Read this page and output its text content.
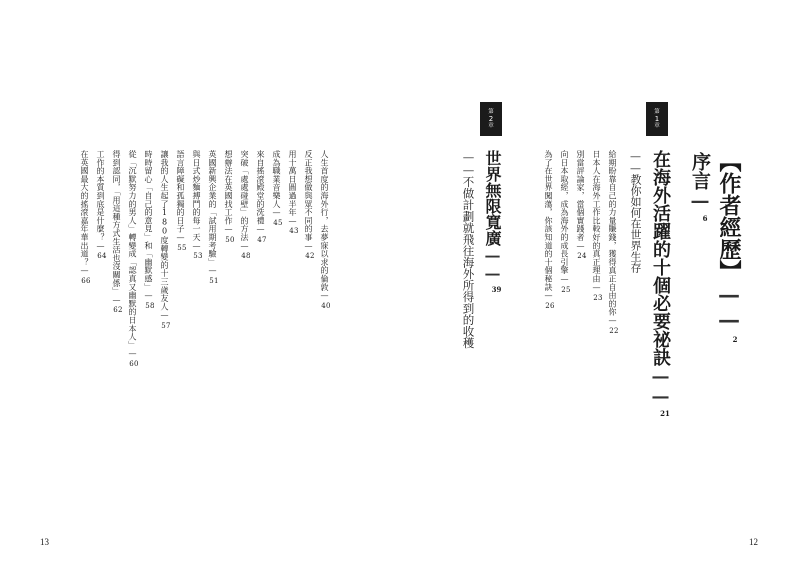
【作者經歷】——2
序言—6
第
1
章
在海外活躍的十個必要祕訣——21
——教你如何在世界生存
給期盼靠自己的力量賺錢，獲得真正自由的你—22
日本人在海外工作比較好的真正理由—23
別當評論家，當個實踐者—24
向日本取經，成為海外的成長引擎—25
為了在世界闖蕩，你該知道的十個秘訣—26
第
2
章
世界無限寬廣——39
——不做計劃就飛往海外所得到的收穫
12
人生首度的海外行，去夢寐以求的倫敦—40
反正我想做與眾不同的事—42
用十萬日圓過半年—43
成為職業音樂人—45
來自搖滾殿堂的洗禮—47
突破「處處碰壁」的方法—48
想辦法在英國找工作—50
英國新興企業的「試用期考驗」—51
與日式炒麵搏鬥的每一天—53
語言障礙和孤獨的日子—55
讓我的人生起了180度轉變的十三歲友人—57
時時留心「自己的意見」和「幽默感」—58
從「沉默努力的男人」轉變成「認真又幽默的日本人」—60
得到認同，「用這種方式生活也沒關係」—62
工作的本質到底是什麼？—64
在英國最大的搖滾嘉年華出道？—66
13
